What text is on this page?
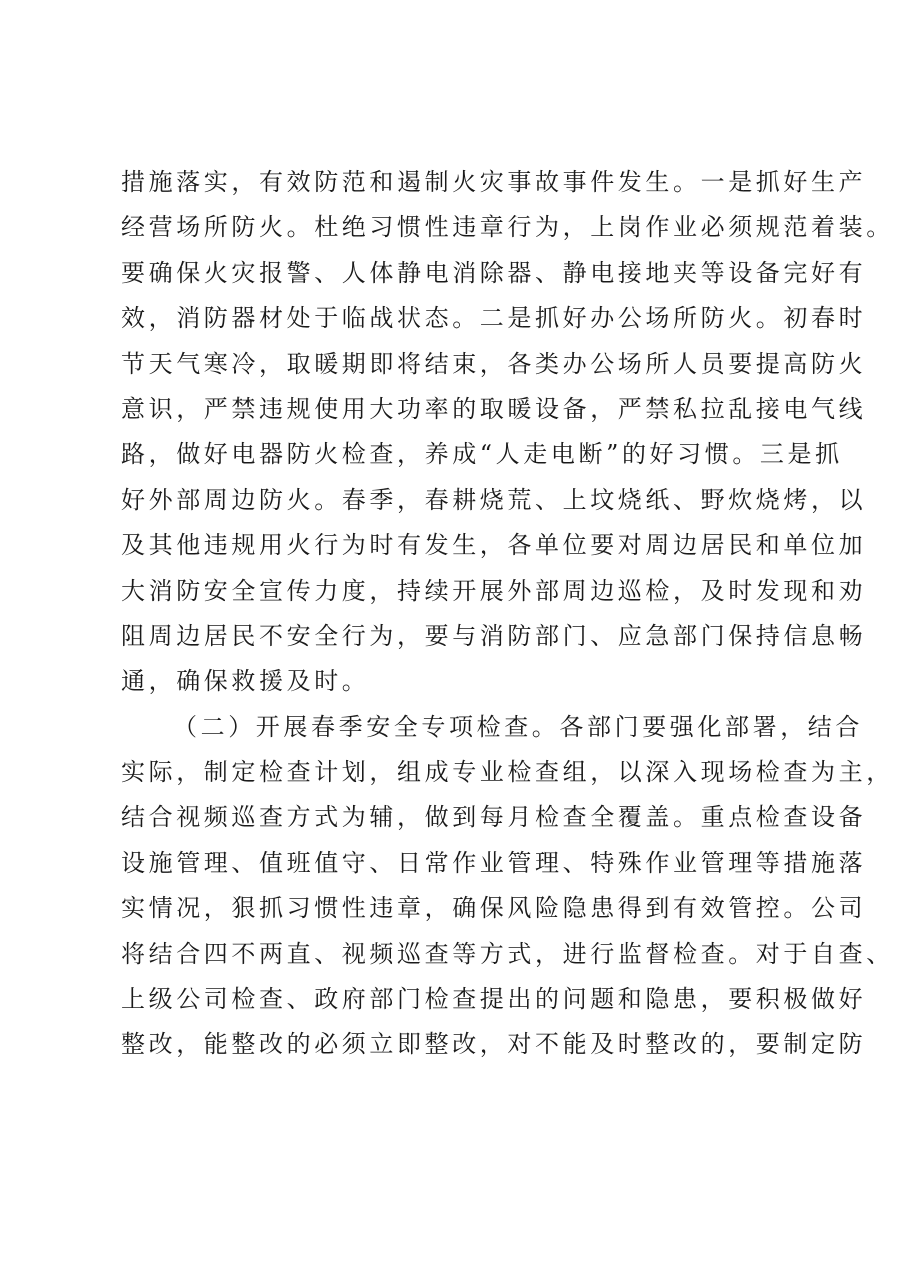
措施落实，有效防范和遏制火灾事故事件发生。一是抓好生产
经营场所防火。杜绝习惯性违章行为，上岗作业必须规范着装。
要确保火灾报警、人体静电消除器、静电接地夹等设备完好有
效，消防器材处于临战状态。二是抓好办公场所防火。初春时
节天气寒冷，取暖期即将结束，各类办公场所人员要提高防火
意识，严禁违规使用大功率的取暖设备，严禁私拉乱接电气线
路，做好电器防火检查，养成“人走电断”的好习惯。三是抓
好外部周边防火。春季，春耕烧荒、上坟烧纸、野炊烧烤，以
及其他违规用火行为时有发生，各单位要对周边居民和单位加
大消防安全宣传力度，持续开展外部周边巡检，及时发现和劝
阻周边居民不安全行为，要与消防部门、应急部门保持信息畅
通，确保救援及时。
（二）开展春季安全专项检查。各部门要强化部署，结合
实际，制定检查计划，组成专业检查组，以深入现场检查为主，
结合视频巡查方式为辅，做到每月检查全覆盖。重点检查设备
设施管理、值班值守、日常作业管理、特殊作业管理等措施落
实情况，狠抓习惯性违章，确保风险隐患得到有效管控。公司
将结合四不两直、视频巡查等方式，进行监督检查。对于自查、
上级公司检查、政府部门检查提出的问题和隐患，要积极做好
整改，能整改的必须立即整改，对不能及时整改的，要制定防
